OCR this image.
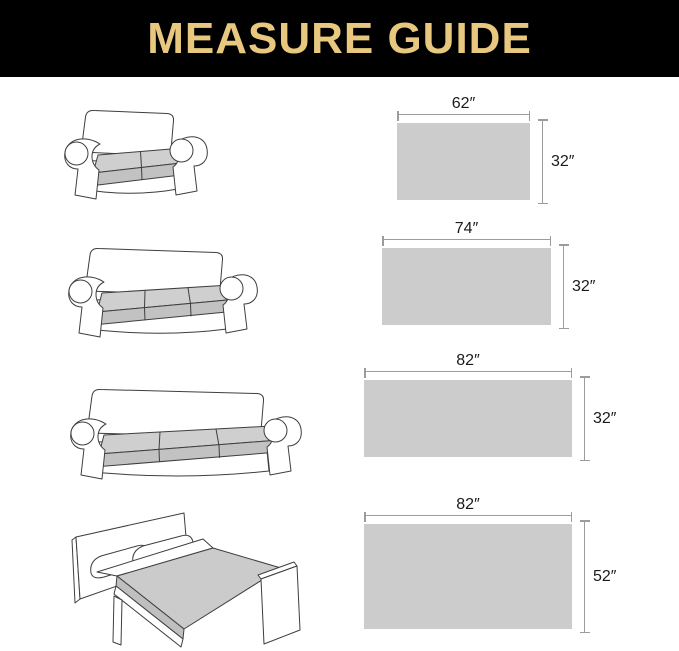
MEASURE GUIDE
62″
32″
74″
32″
82″
32″
82″
52″
